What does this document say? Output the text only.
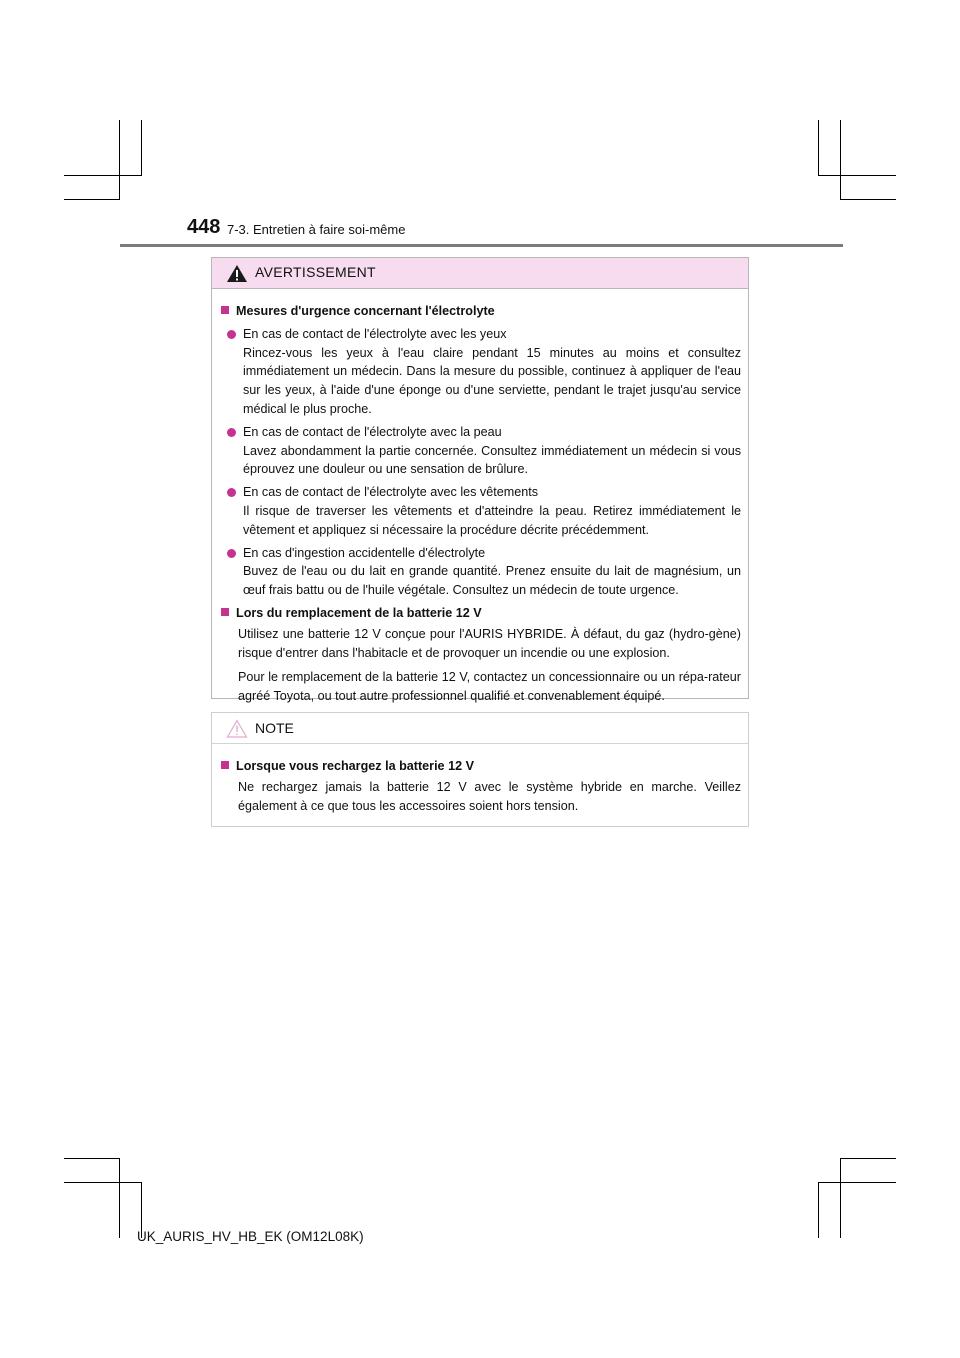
448 7-3. Entretien à faire soi-même
AVERTISSEMENT
Mesures d'urgence concernant l'électrolyte
En cas de contact de l'électrolyte avec les yeux
Rincez-vous les yeux à l'eau claire pendant 15 minutes au moins et consultez immédiatement un médecin. Dans la mesure du possible, continuez à appliquer de l'eau sur les yeux, à l'aide d'une éponge ou d'une serviette, pendant le trajet jusqu'au service médical le plus proche.
En cas de contact de l'électrolyte avec la peau
Lavez abondamment la partie concernée. Consultez immédiatement un médecin si vous éprouvez une douleur ou une sensation de brûlure.
En cas de contact de l'électrolyte avec les vêtements
Il risque de traverser les vêtements et d'atteindre la peau. Retirez immédiatement le vêtement et appliquez si nécessaire la procédure décrite précédemment.
En cas d'ingestion accidentelle d'électrolyte
Buvez de l'eau ou du lait en grande quantité. Prenez ensuite du lait de magnésium, un œuf frais battu ou de l'huile végétale. Consultez un médecin de toute urgence.
Lors du remplacement de la batterie 12 V
Utilisez une batterie 12 V conçue pour l'AURIS HYBRIDE. À défaut, du gaz (hydro-gène) risque d'entrer dans l'habitacle et de provoquer un incendie ou une explosion.
Pour le remplacement de la batterie 12 V, contactez un concessionnaire ou un répa-rateur agréé Toyota, ou tout autre professionnel qualifié et convenablement équipé.
NOTE
Lorsque vous rechargez la batterie 12 V
Ne rechargez jamais la batterie 12 V avec le système hybride en marche. Veillez également à ce que tous les accessoires soient hors tension.
UK_AURIS_HV_HB_EK (OM12L08K)
